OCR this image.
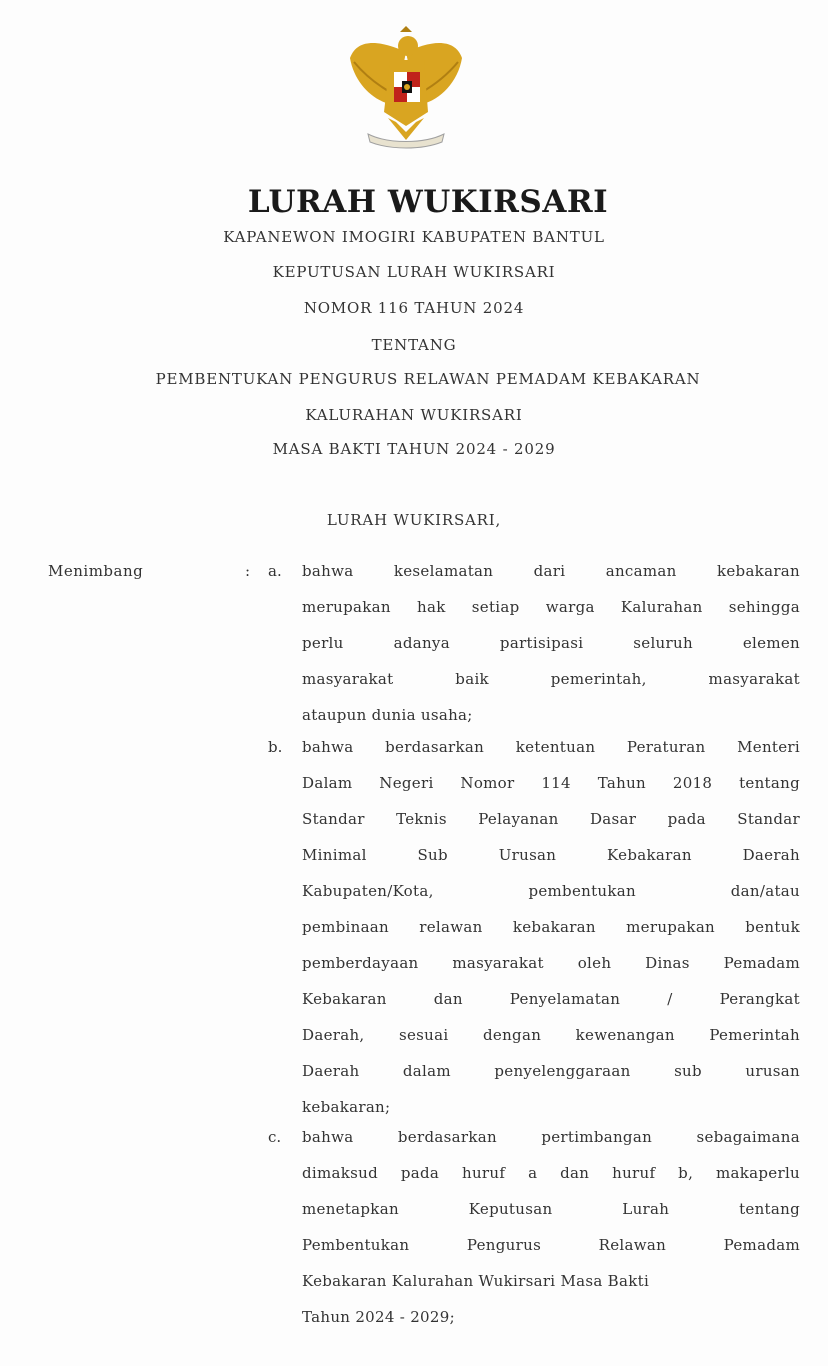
LURAH WUKIRSARI
KAPANEWON IMOGIRI KABUPATEN BANTUL
KEPUTUSAN LURAH WUKIRSARI
NOMOR 116 TAHUN 2024
TENTANG
PEMBENTUKAN PENGURUS RELAWAN PEMADAM KEBAKARAN
KALURAHAN WUKIRSARI
MASA BAKTI TAHUN 2024 - 2029
LURAH WUKIRSARI,
Menimbang	: a. bahwa keselamatan dari ancaman kebakaran
merupakan hak setiap warga Kalurahan sehingga
perlu adanya partisipasi seluruh elemen
masyarakat baik pemerintah, masyarakat
ataupun dunia usaha;
b. bahwa berdasarkan ketentuan Peraturan Menteri
Dalam Negeri Nomor 114 Tahun 2018 tentang
Standar Teknis Pelayanan Dasar pada Standar
Minimal Sub Urusan Kebakaran Daerah
Kabupaten/Kota, pembentukan dan/atau
pembinaan relawan kebakaran merupakan bentuk
pemberdayaan masyarakat oleh Dinas Pemadam
Kebakaran dan Penyelamatan / Perangkat
Daerah, sesuai dengan kewenangan Pemerintah
Daerah dalam penyelenggaraan sub urusan
kebakaran;
c. bahwa berdasarkan pertimbangan sebagaimana
dimaksud pada huruf a dan huruf b, makaperlu
menetapkan Keputusan Lurah tentang
Pembentukan Pengurus Relawan Pemadam
Kebakaran Kalurahan Wukirsari Masa Bakti
Tahun 2024 - 2029;
